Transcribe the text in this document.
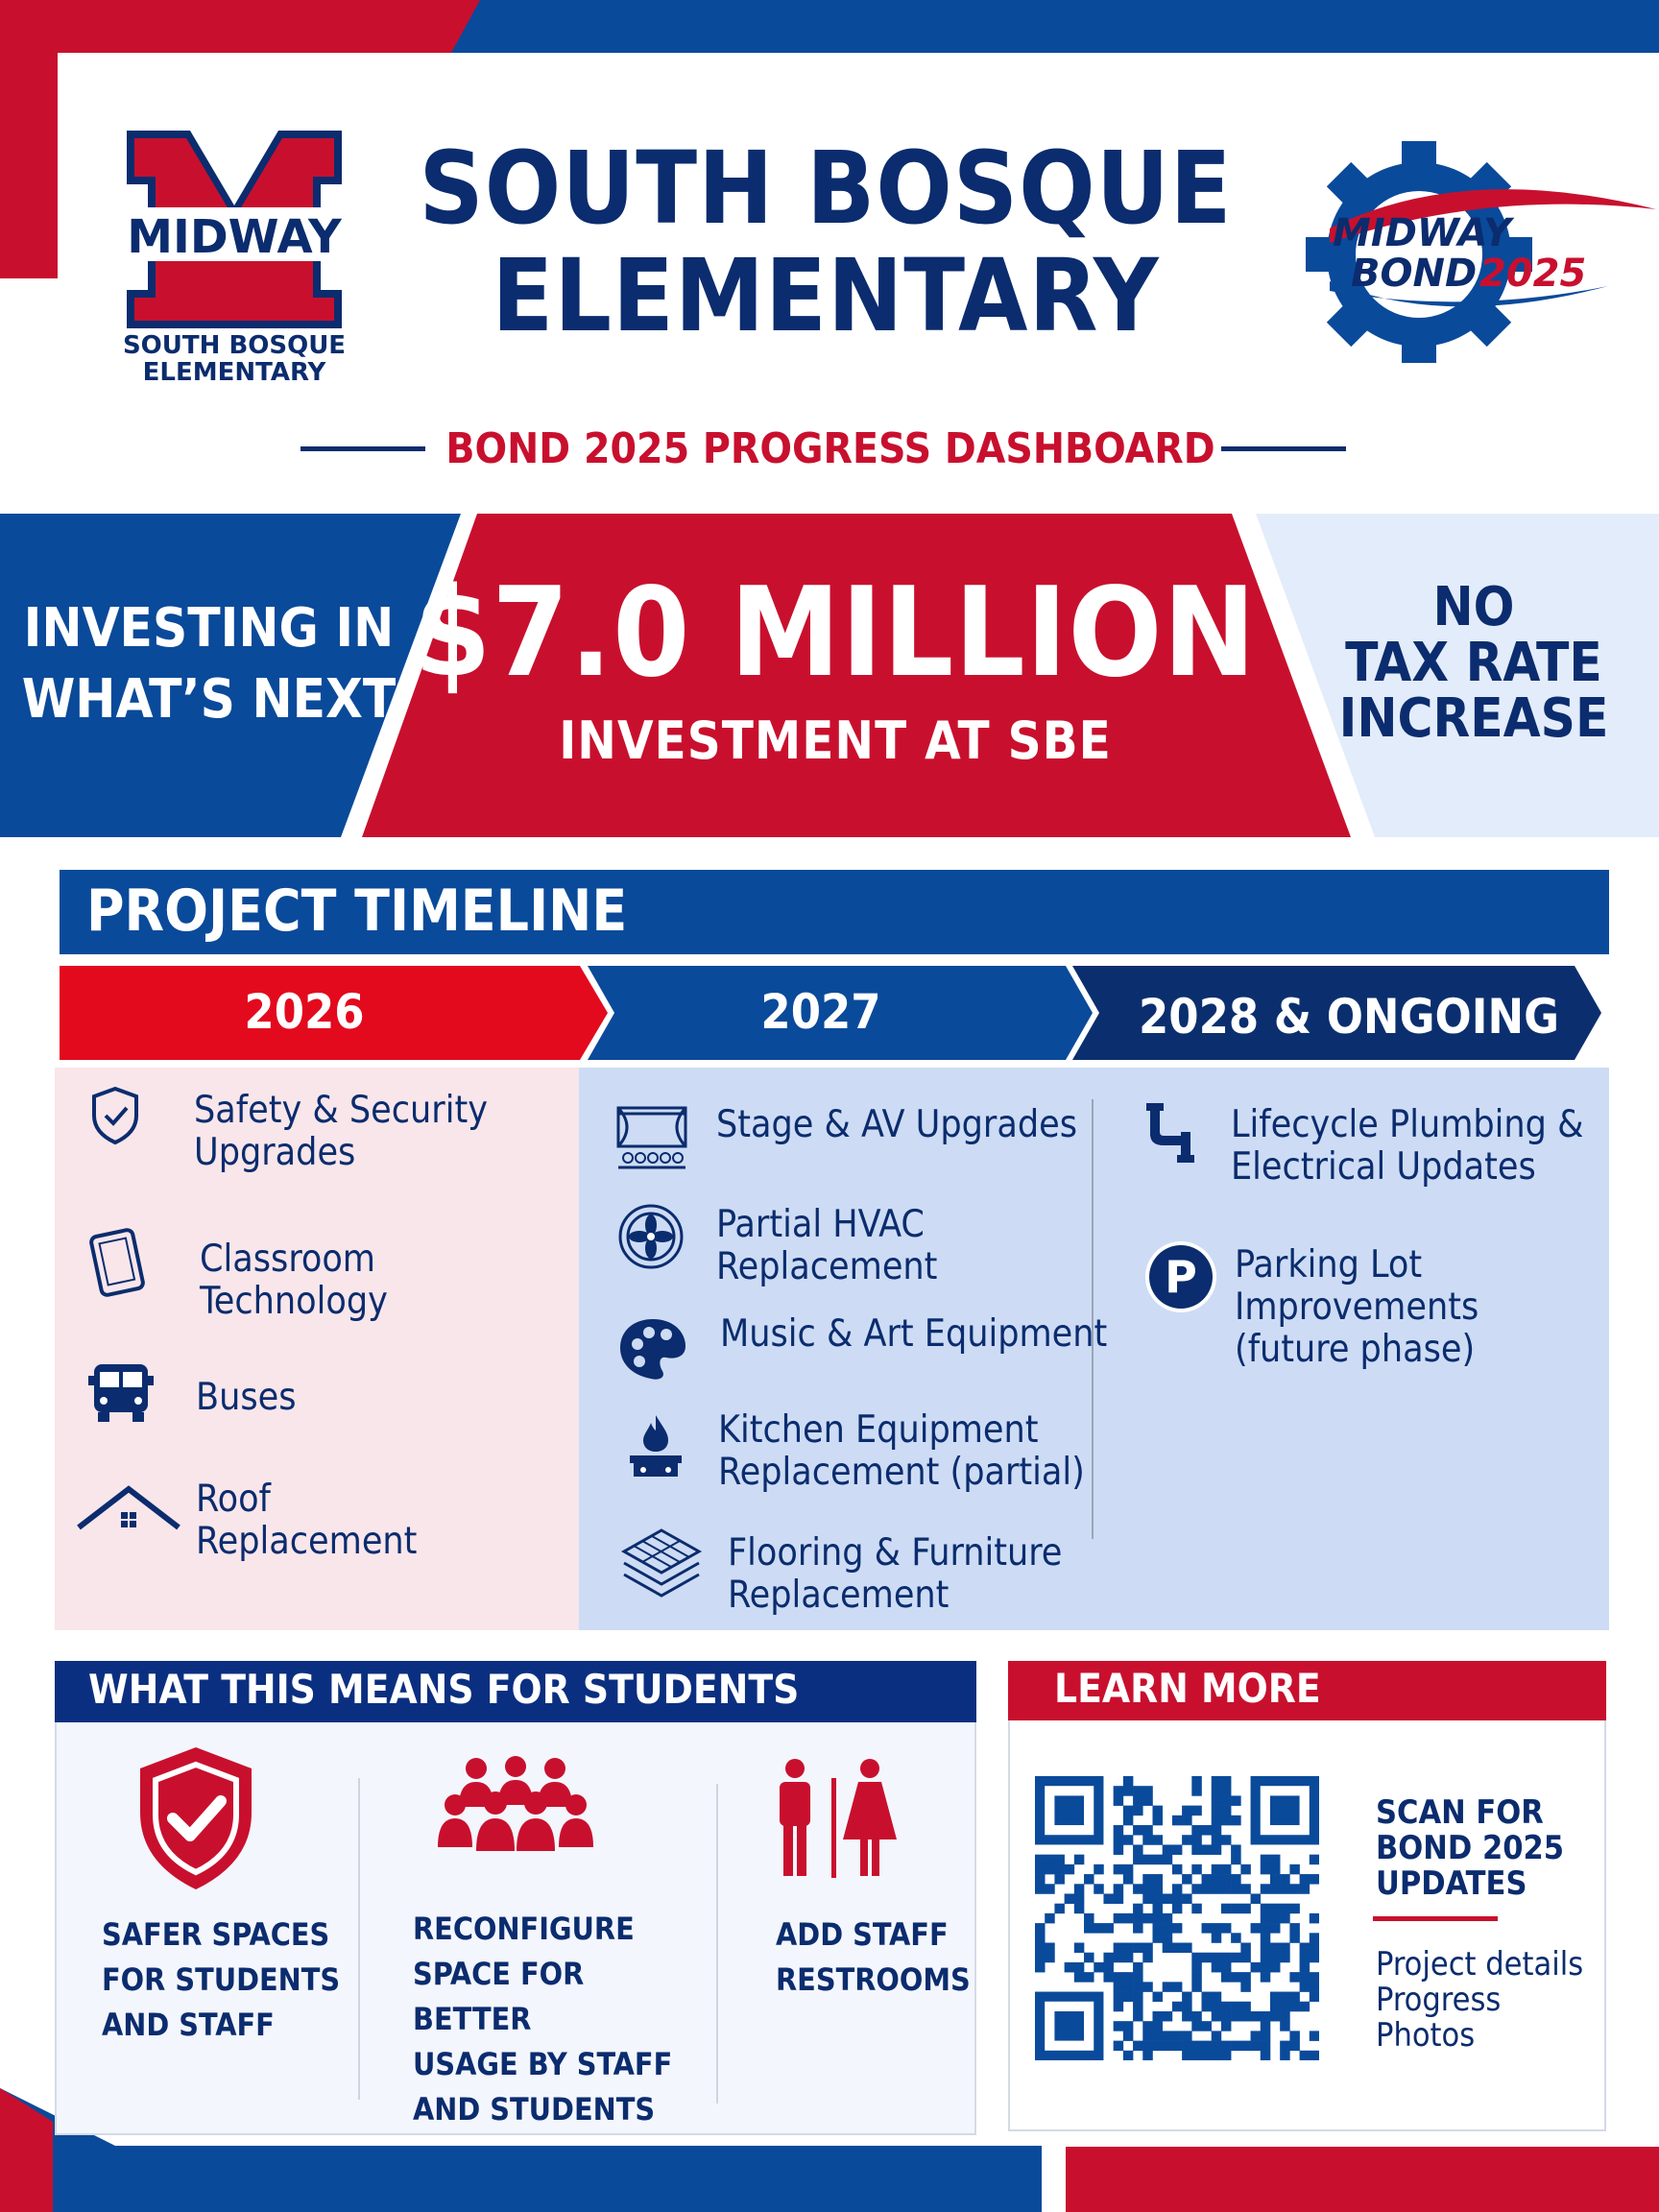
MIDWAY
SOUTH BOSQUE
ELEMENTARY
SOUTH BOSQUE
ELEMENTARY
BOND 2025 PROGRESS DASHBOARD
MIDWAY
BOND 2025
INVESTING IN
WHAT’S NEXT $7.0 MILLION
INVESTMENT AT SBE
NO
TAX RATE
INCREASE
PROJECT TIMELINE
2026	2027	2028 & ONGOING
Safety & Security
Upgrades
Classroom
Technology
Buses
Roof
Replacement
Stage & AV Upgrades
Partial HVAC
Replacement
Music & Art Equipment
Kitchen Equipment
Replacement (partial)
Flooring & Furniture
Replacement
Lifecycle Plumbing &
Electrical Updates
P Parking Lot
Improvements
(future phase)
WHAT THIS MEANS FOR STUDENTS
SAFER SPACES
FOR STUDENTS
AND STAFF
RECONFIGURE
SPACE FOR BETTER
USAGE BY STAFF
AND STUDENTS
ADD STAFF
RESTROOMS
LEARN MORE
SCAN FOR
BOND 2025
UPDATES
Project details
Progress
Photos
